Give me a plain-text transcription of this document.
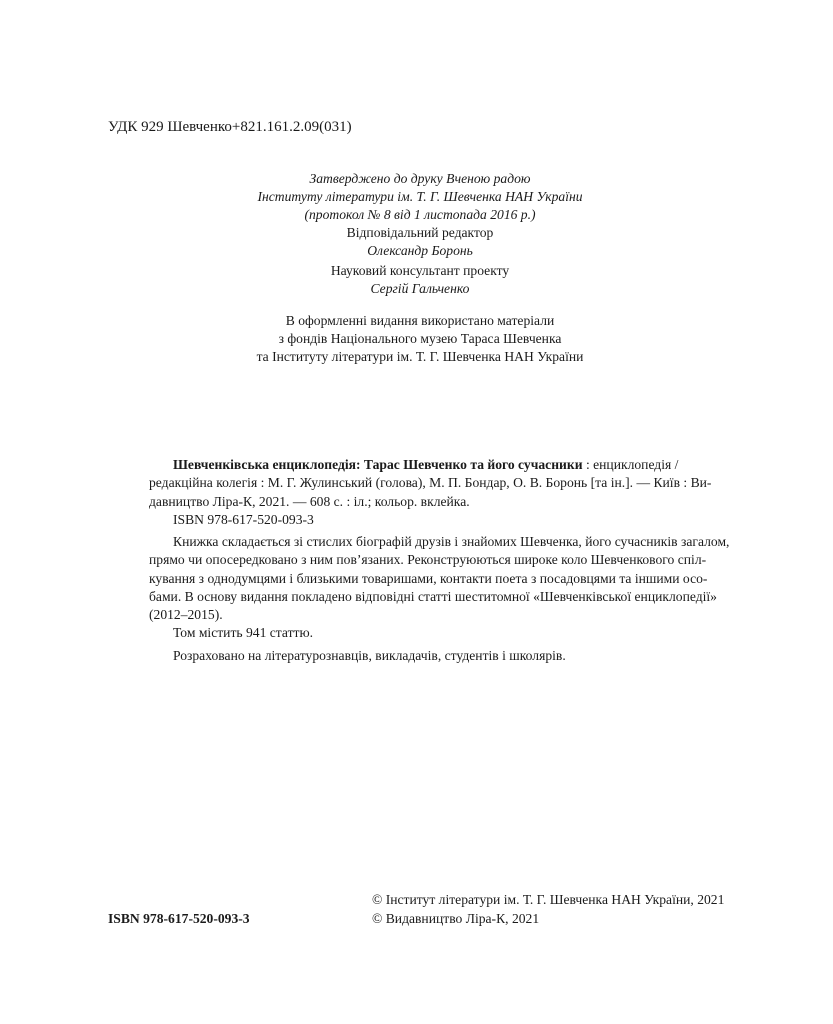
УДК 929 Шевченко+821.161.2.09(031)
Затверджено до друку Вченою радою
Інституту літератури ім. Т. Г. Шевченка НАН України
(протокол № 8 від 1 листопада 2016 р.)
Відповідальний редактор
Олександр Боронь
Науковий консультант проекту
Сергій Гальченко
В оформленні видання використано матеріали
з фондів Національного музею Тараса Шевченка
та Інституту літератури ім. Т. Г. Шевченка НАН України
Шевченківська енциклопедія: Тарас Шевченко та його сучасники : енциклопедія /
редакційна колегія : М. Г. Жулинський (голова), М. П. Бондар, О. В. Боронь [та ін.]. — Київ : Ви-
давництво Ліра-К, 2021. — 608 с. : іл.; кольор. вклейка.
ISBN 978-617-520-093-3
Книжка складається зі стислих біографій друзів і знайомих Шевченка, його сучасників загалом,
прямо чи опосередковано з ним пов’язаних. Реконструюються широке коло Шевченкового спіл-
кування з однодумцями і близькими товаришами, контакти поета з посадовцями та іншими осо-
бами. В основу видання покладено відповідні статті шеститомної «Шевченківської енциклопедії»
(2012–2015).
Том містить 941 статтю.
Розраховано на літературознавців, викладачів, студентів і школярів.
© Інститут літератури ім. Т. Г. Шевченка НАН України, 2021
© Видавництво Ліра-К, 2021
ISBN 978-617-520-093-3
